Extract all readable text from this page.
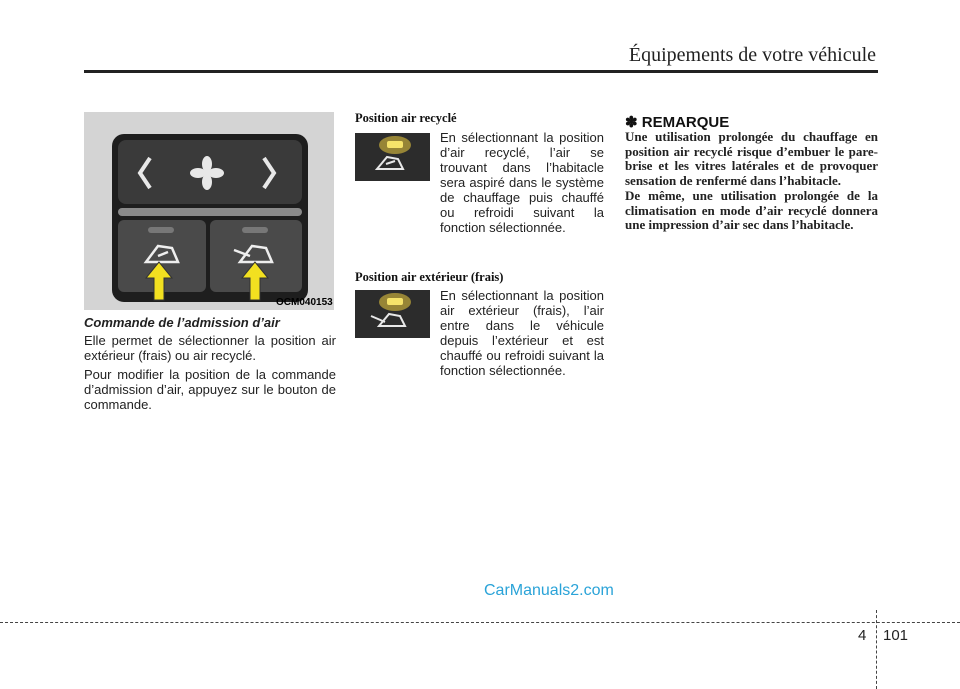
Équipements de votre véhicule
OCM040153
Commande de l’admission d’air
Elle permet de sélectionner la position air extérieur (frais) ou air recyclé.
Pour modifier la position de la commande d’admission d’air, appuyez sur le bouton de commande.
Position air recyclé
En sélectionnant la position d’air recyclé, l’air se trouvant dans l’habitacle sera aspiré dans le système de chauffage puis chauffé ou refroidi suivant la fonction sélectionnée.
Position air extérieur (frais)
En sélectionnant la position air extérieur (frais), l’air entre dans le véhicule depuis l’extérieur et est chauffé ou refroidi suivant la fonction sélectionnée.
✽ REMARQUE
Une utilisation prolongée du chauffage en position air recyclé risque d’embuer le pare-brise et les vitres latérales et de provoquer sensation de renfermé dans l’habitacle.
De même, une utilisation prolongée de la climatisation en mode d’air recyclé donnera une impression d’air sec dans l’habitacle.
CarManuals2.com
4 101
